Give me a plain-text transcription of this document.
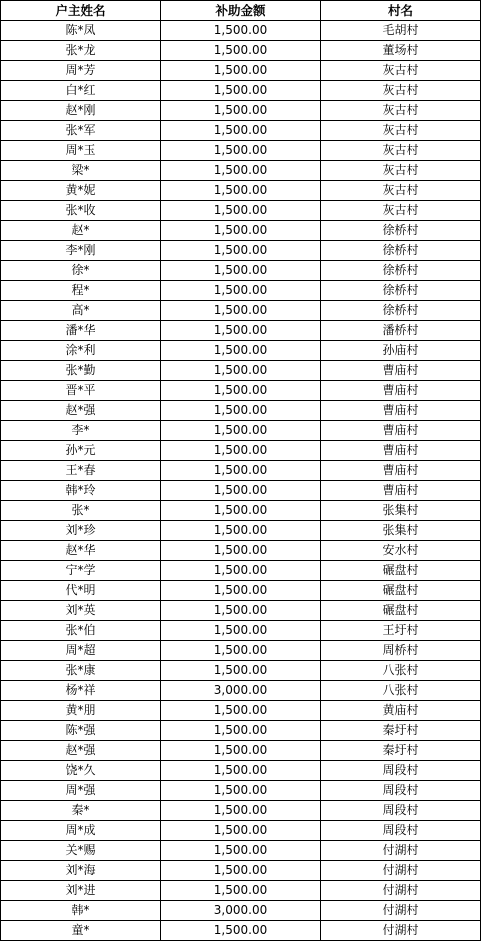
户主姓名	补助金额	村名
陈*凤	1,500.00	毛胡村
张*龙	1,500.00	董场村
周*芳	1,500.00	灰古村
白*红	1,500.00	灰古村
赵*刚	1,500.00	灰古村
张*军	1,500.00	灰古村
周*玉	1,500.00	灰古村
梁*	1,500.00	灰古村
黄*妮	1,500.00	灰古村
张*收	1,500.00	灰古村
赵*	1,500.00	徐桥村
李*刚	1,500.00	徐桥村
徐*	1,500.00	徐桥村
程*	1,500.00	徐桥村
高*	1,500.00	徐桥村
潘*华	1,500.00	潘桥村
涂*利	1,500.00	孙庙村
张*勤	1,500.00	曹庙村
晋*平	1,500.00	曹庙村
赵*强	1,500.00	曹庙村
李*	1,500.00	曹庙村
孙*元	1,500.00	曹庙村
王*春	1,500.00	曹庙村
韩*玲	1,500.00	曹庙村
张*	1,500.00	张集村
刘*珍	1,500.00	张集村
赵*华	1,500.00	安水村
宁*学	1,500.00	碾盘村
代*明	1,500.00	碾盘村
刘*英	1,500.00	碾盘村
张*伯	1,500.00	王圩村
周*超	1,500.00	周桥村
张*康	1,500.00	八张村
杨*祥	3,000.00	八张村
黄*朋	1,500.00	黄庙村
陈*强	1,500.00	秦圩村
赵*强	1,500.00	秦圩村
饶*久	1,500.00	周段村
周*强	1,500.00	周段村
秦*	1,500.00	周段村
周*成	1,500.00	周段村
关*赐	1,500.00	付湖村
刘*海	1,500.00	付湖村
刘*进	1,500.00	付湖村
韩*	3,000.00	付湖村
童*	1,500.00	付湖村
